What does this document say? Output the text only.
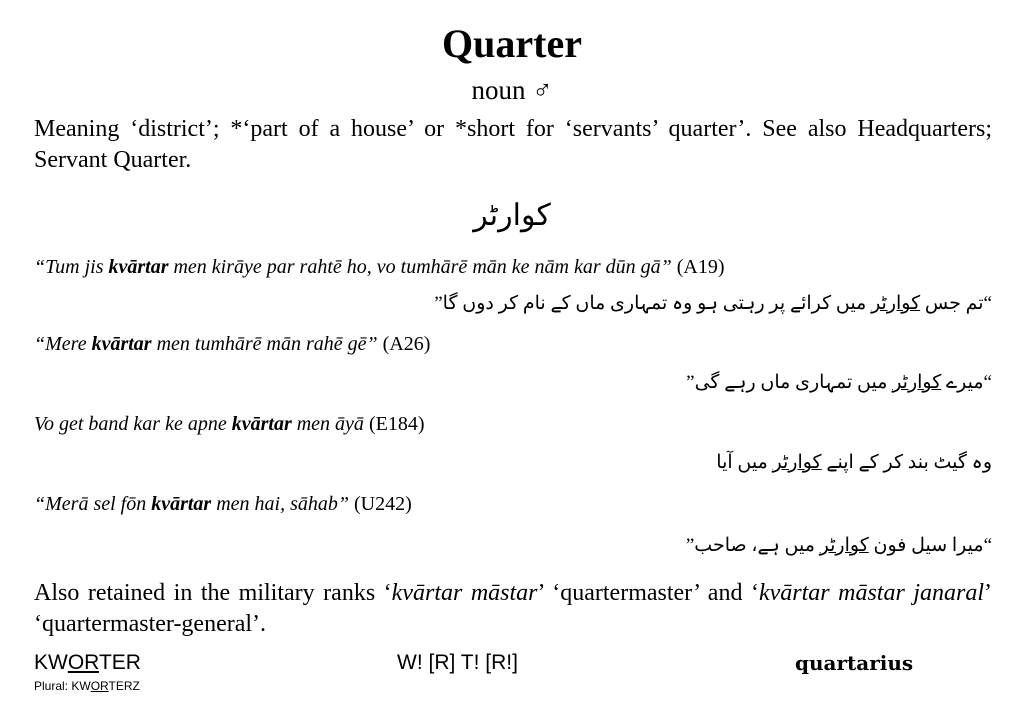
Quarter
noun ♂
Meaning ‘district’; *‘part of a house’ or *short for ‘servants’ quarter’. See also Headquarters; Servant Quarter.
کوارٹر
“Tum jis kvārtar men kirāye par rahtē ho, vo tumhārē mān ke nām kar dūn gā” (A19)
“تم جس کوارٹر میں کرائے پر رہتی ہو وہ تمہاری ماں کے نام کر دوں گا”
“Mere kvārtar men tumhārē mān rahē gē” (A26)
“میرے کوارٹر میں تمہاری ماں رہے گی”
Vo get band kar ke apne kvārtar men āyā (E184)
وہ گیٹ بند کر کے اپنے کوارٹر میں آیا
“Merā sel fōn kvārtar men hai, sāhab” (U242)
“میرا سیل فون کوارٹر میں ہے، صاحب”
Also retained in the military ranks ‘kvārtar māstar’ ‘quartermaster’ and ‘kvārtar māstar janaral’ ‘quartermaster-general’.
KWORTER	W! [R] T! [R!]	quartarius
Plural: KWORTERZ
